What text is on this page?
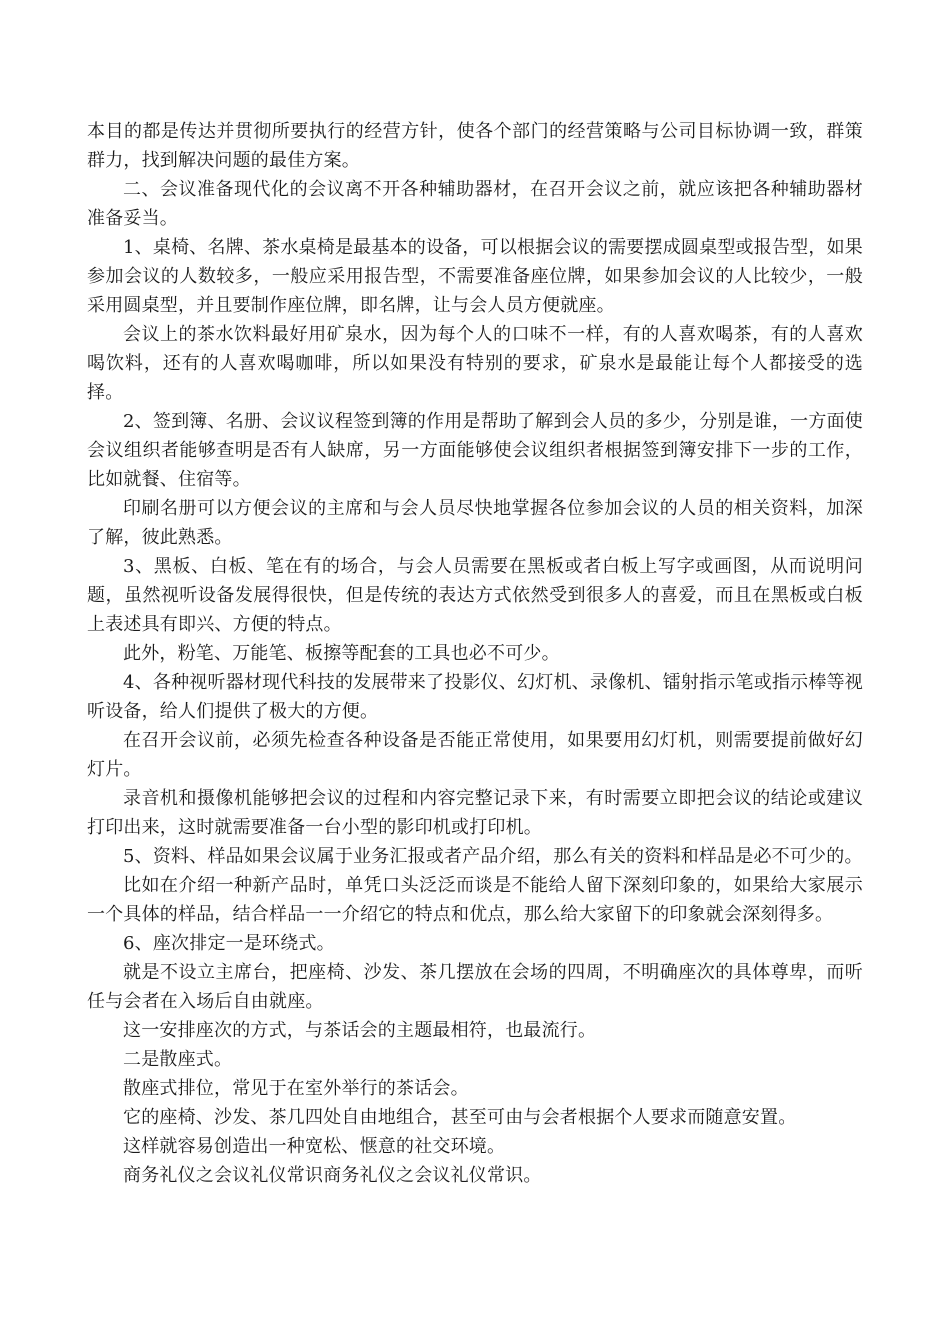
本目的都是传达并贯彻所要执行的经营方针，使各个部门的经营策略与公司目标协调一致，群策群力，找到解决问题的最佳方案。

二、会议准备现代化的会议离不开各种辅助器材，在召开会议之前，就应该把各种辅助器材准备妥当。

1、桌椅、名牌、茶水桌椅是最基本的设备，可以根据会议的需要摆成圆桌型或报告型，如果参加会议的人数较多，一般应采用报告型，不需要准备座位牌，如果参加会议的人比较少，一般采用圆桌型，并且要制作座位牌，即名牌，让与会人员方便就座。

会议上的茶水饮料最好用矿泉水，因为每个人的口味不一样，有的人喜欢喝茶，有的人喜欢喝饮料，还有的人喜欢喝咖啡，所以如果没有特别的要求，矿泉水是最能让每个人都接受的选择。

2、签到簿、名册、会议议程签到簿的作用是帮助了解到会人员的多少，分别是谁，一方面使会议组织者能够查明是否有人缺席，另一方面能够使会议组织者根据签到簿安排下一步的工作，比如就餐、住宿等。

印刷名册可以方便会议的主席和与会人员尽快地掌握各位参加会议的人员的相关资料，加深了解，彼此熟悉。

3、黑板、白板、笔在有的场合，与会人员需要在黑板或者白板上写字或画图，从而说明问题，虽然视听设备发展得很快，但是传统的表达方式依然受到很多人的喜爱，而且在黑板或白板上表述具有即兴、方便的特点。

此外，粉笔、万能笔、板擦等配套的工具也必不可少。

4、各种视听器材现代科技的发展带来了投影仪、幻灯机、录像机、镭射指示笔或指示棒等视听设备，给人们提供了极大的方便。

在召开会议前，必须先检查各种设备是否能正常使用，如果要用幻灯机，则需要提前做好幻灯片。

录音机和摄像机能够把会议的过程和内容完整记录下来，有时需要立即把会议的结论或建议打印出来，这时就需要准备一台小型的影印机或打印机。

5、资料、样品如果会议属于业务汇报或者产品介绍，那么有关的资料和样品是必不可少的。

比如在介绍一种新产品时，单凭口头泛泛而谈是不能给人留下深刻印象的，如果给大家展示一个具体的样品，结合样品一一介绍它的特点和优点，那么给大家留下的印象就会深刻得多。

6、座次排定一是环绕式。

就是不设立主席台，把座椅、沙发、茶几摆放在会场的四周，不明确座次的具体尊卑，而听任与会者在入场后自由就座。

这一安排座次的方式，与茶话会的主题最相符，也最流行。

二是散座式。

散座式排位，常见于在室外举行的茶话会。

它的座椅、沙发、茶几四处自由地组合，甚至可由与会者根据个人要求而随意安置。

这样就容易创造出一种宽松、惬意的社交环境。

商务礼仪之会议礼仪常识商务礼仪之会议礼仪常识。
